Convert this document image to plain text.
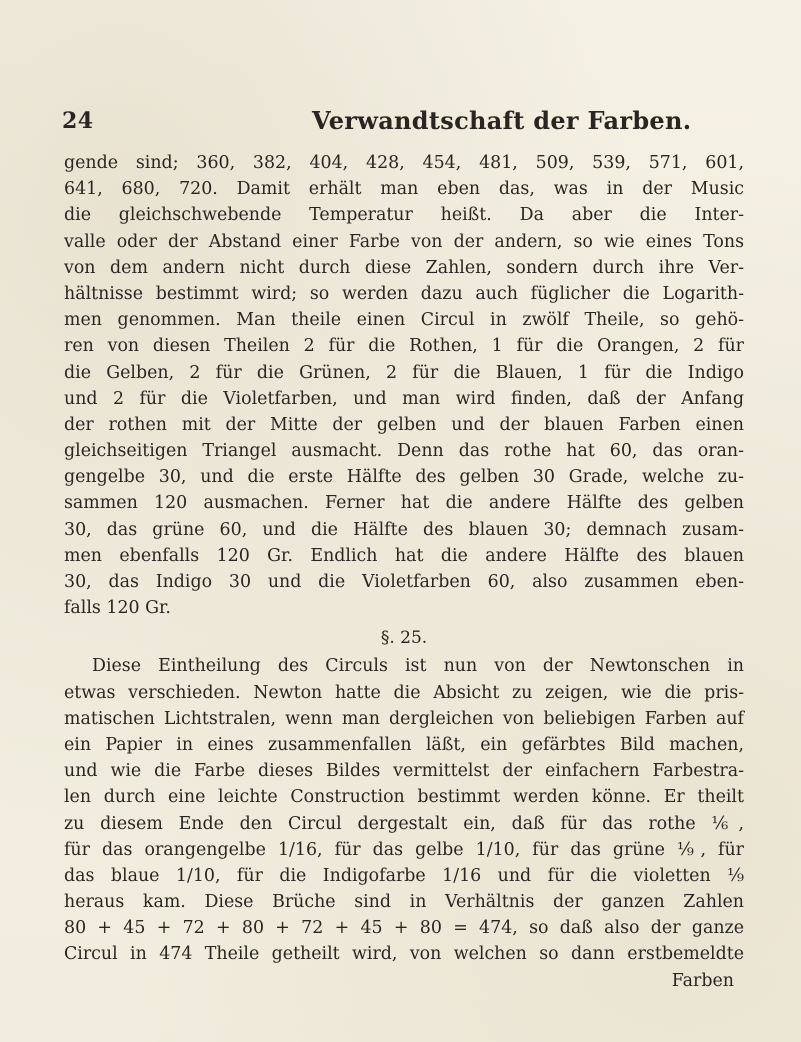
24	Verwandtschaft der Farben.
gende sind; 360, 382, 404, 428, 454, 481, 509, 539, 571, 601,
641, 680, 720. Damit erhält man eben das, was in der Music
die gleichschwebende Temperatur heißt. Da aber die Inter-
valle oder der Abstand einer Farbe von der andern, so wie eines Tons
von dem andern nicht durch diese Zahlen, sondern durch ihre Ver-
hältnisse bestimmt wird; so werden dazu auch füglicher die Logarith-
men genommen. Man theile einen Circul in zwölf Theile, so gehö-
ren von diesen Theilen 2 für die Rothen, 1 für die Orangen, 2 für
die Gelben, 2 für die Grünen, 2 für die Blauen, 1 für die Indigo
und 2 für die Violetfarben, und man wird finden, daß der Anfang
der rothen mit der Mitte der gelben und der blauen Farben einen
gleichseitigen Triangel ausmacht. Denn das rothe hat 60, das oran-
gengelbe 30, und die erste Hälfte des gelben 30 Grade, welche zu-
sammen 120 ausmachen. Ferner hat die andere Hälfte des gelben
30, das grüne 60, und die Hälfte des blauen 30; demnach zusam-
men ebenfalls 120 Gr. Endlich hat die andere Hälfte des blauen
30, das Indigo 30 und die Violetfarben 60, also zusammen eben-
falls 120 Gr.
§. 25.
Diese Eintheilung des Circuls ist nun von der Newtonschen in
etwas verschieden. Newton hatte die Absicht zu zeigen, wie die pris-
matischen Lichtstralen, wenn man dergleichen von beliebigen Farben auf
ein Papier in eines zusammenfallen läßt, ein gefärbtes Bild machen,
und wie die Farbe dieses Bildes vermittelst der einfachern Farbestra-
len durch eine leichte Construction bestimmt werden könne. Er theilt
zu diesem Ende den Circul dergestalt ein, daß für das rothe ⅙,
für das orangengelbe 1/16, für das gelbe 1/10, für das grüne ⅑, für
das blaue 1/10, für die Indigofarbe 1/16 und für die violetten ⅑
heraus kam. Diese Brüche sind in Verhältnis der ganzen Zahlen
80 + 45 + 72 + 80 + 72 + 45 + 80 = 474, so daß also der ganze
Circul in 474 Theile getheilt wird, von welchen so dann erstbemeldte
Farben
